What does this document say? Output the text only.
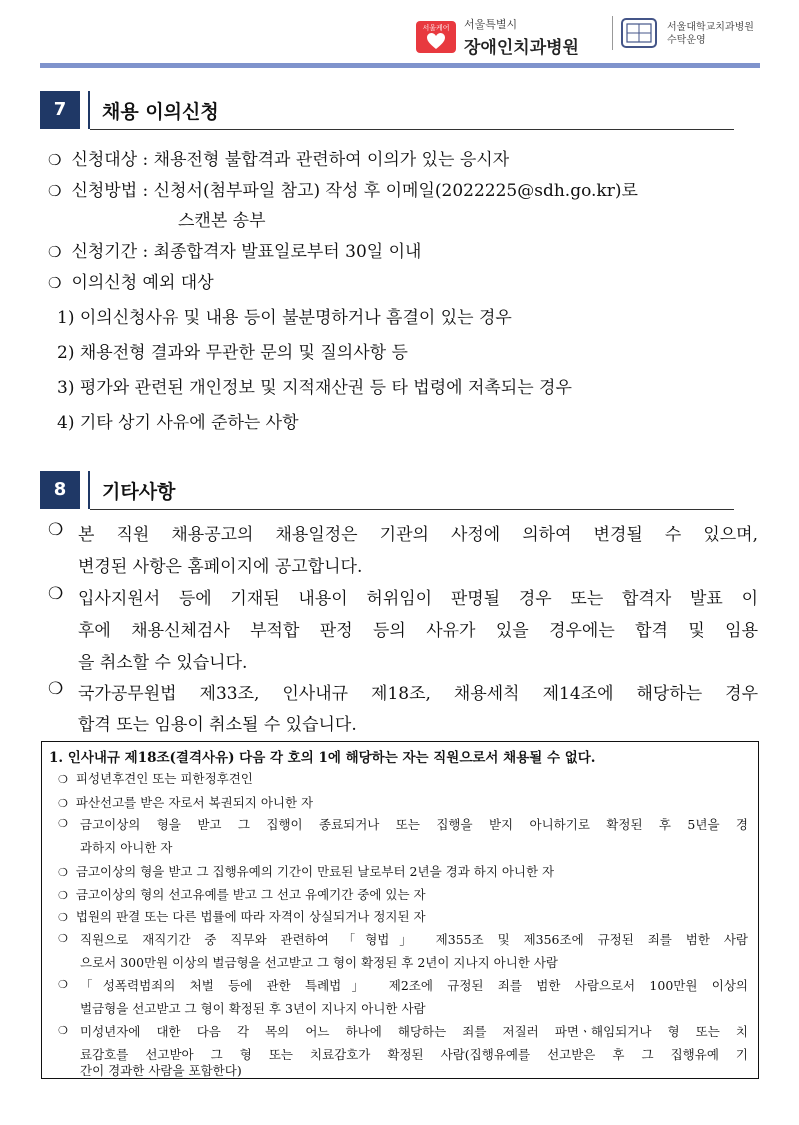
서울케어	서울특별시
장애인치과병원
서울대학교치과병원
수탁운영
7	채용 이의신청
❍ 신청대상 : 채용전형 불합격과 관련하여 이의가 있는 응시자
❍ 신청방법 : 신청서(첨부파일 참고) 작성 후 이메일(2022225@sdh.go.kr)로
스캔본 송부
❍ 신청기간 : 최종합격자 발표일로부터 30일 이내
❍ 이의신청 예외 대상
1) 이의신청사유 및 내용 등이 불분명하거나 흠결이 있는 경우
2) 채용전형 결과와 무관한 문의 및 질의사항 등
3) 평가와 관련된 개인정보 및 지적재산권 등 타 법령에 저촉되는 경우
4) 기타 상기 사유에 준하는 사항
8	기타사항
❍ 본 직원 채용공고의 채용일정은 기관의 사정에 의하여 변경될 수 있으며,
변경된 사항은 홈페이지에 공고합니다.
❍ 입사지원서 등에 기재된 내용이 허위임이 판명될 경우 또는 합격자 발표 이
후에 채용신체검사 부적합 판정 등의 사유가 있을 경우에는 합격 및 임용
을 취소할 수 있습니다.
❍ 국가공무원법 제33조, 인사내규 제18조, 채용세칙 제14조에 해당하는 경우
합격 또는 임용이 취소될 수 있습니다.
1. 인사내규 제18조(결격사유) 다음 각 호의 1에 해당하는 자는 직원으로서 채용될 수 없다.
❍ 피성년후견인 또는 피한정후견인
❍ 파산선고를 받은 자로서 복권되지 아니한 자
❍ 금고이상의 형을 받고 그 집행이 종료되거나 또는 집행을 받지 아니하기로 확정된 후 5년을 경
과하지 아니한 자
❍ 금고이상의 형을 받고 그 집행유예의 기간이 만료된 날로부터 2년을 경과 하지 아니한 자
❍ 금고이상의 형의 선고유예를 받고 그 선고 유예기간 중에 있는 자
❍ 법원의 판결 또는 다른 법률에 따라 자격이 상실되거나 정지된 자
❍ 직원으로 재직기간 중 직무와 관련하여 「형법」 제355조 및 제356조에 규정된 죄를 범한 사람
으로서 300만원 이상의 벌금형을 선고받고 그 형이 확정된 후 2년이 지나지 아니한 사람
❍ 「성폭력범죄의 처벌 등에 관한 특례법」 제2조에 규정된 죄를 범한 사람으로서 100만원 이상의
벌금형을 선고받고 그 형이 확정된 후 3년이 지나지 아니한 사람
❍ 미성년자에 대한 다음 각 목의 어느 하나에 해당하는 죄를 저질러 파면ㆍ해임되거나 형 또는 치
료감호를 선고받아 그 형 또는 치료감호가 확정된 사람(집행유예를 선고받은 후 그 집행유예 기
간이 경과한 사람을 포함한다)
